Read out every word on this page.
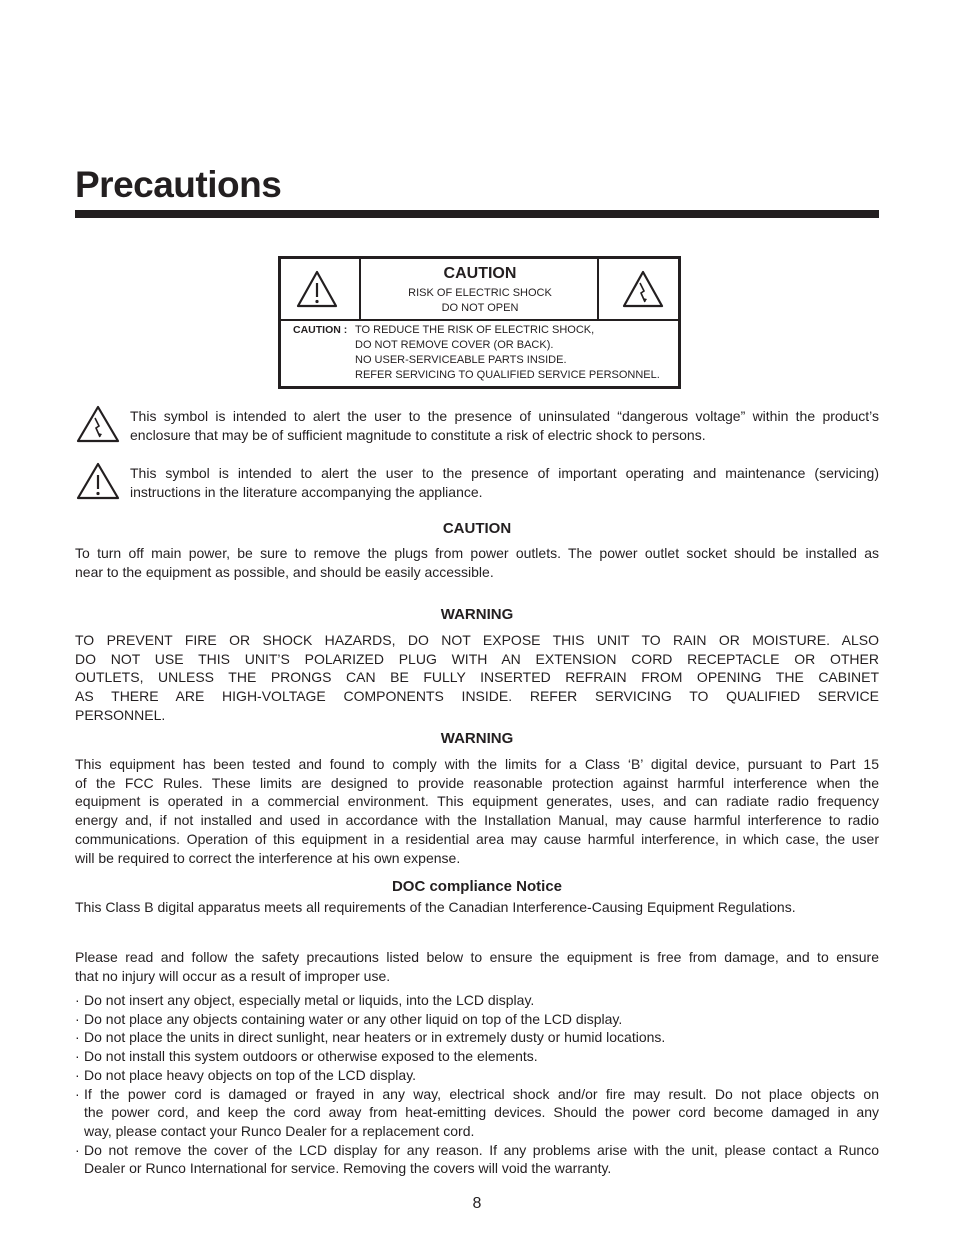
Precautions
CAUTION
RISK OF ELECTRIC SHOCK
DO NOT OPEN
CAUTION : TO REDUCE THE RISK OF ELECTRIC SHOCK,
DO NOT REMOVE COVER (OR BACK).
NO USER-SERVICEABLE PARTS INSIDE.
REFER SERVICING TO QUALIFIED SERVICE PERSONNEL.
This symbol is intended to alert the user to the presence of uninsulated “dangerous voltage” within the product’s
enclosure that may be of sufficient magnitude to constitute a risk of electric shock to persons.
This symbol is intended to alert the user to the presence of important operating and maintenance (servicing)
instructions in the literature accompanying the appliance.
CAUTION
To turn off main power, be sure to remove the plugs from power outlets. The power outlet socket should be installed as
near to the equipment as possible, and should be easily accessible.
WARNING
TO PREVENT FIRE OR SHOCK HAZARDS, DO NOT EXPOSE THIS UNIT TO RAIN OR MOISTURE. ALSO
DO NOT USE THIS UNIT’S POLARIZED PLUG WITH AN EXTENSION CORD RECEPTACLE OR OTHER
OUTLETS, UNLESS THE PRONGS CAN BE FULLY INSERTED REFRAIN FROM OPENING THE CABINET
AS THERE ARE HIGH-VOLTAGE COMPONENTS INSIDE. REFER SERVICING TO QUALIFIED SERVICE
PERSONNEL.
WARNING
This equipment has been tested and found to comply with the limits for a Class ‘B’ digital device, pursuant to Part 15
of the FCC Rules. These limits are designed to provide reasonable protection against harmful interference when the
equipment is operated in a commercial environment. This equipment generates, uses, and can radiate radio frequency
energy and, if not installed and used in accordance with the Installation Manual, may cause harmful interference to radio
communications. Operation of this equipment in a residential area may cause harmful interference, in which case, the user
will be required to correct the interference at his own expense.
DOC compliance Notice
This Class B digital apparatus meets all requirements of the Canadian Interference-Causing Equipment Regulations.
Please read and follow the safety precautions listed below to ensure the equipment is free from damage, and to ensure
that no injury will occur as a result of improper use.
· Do not insert any object, especially metal or liquids, into the LCD display.
· Do not place any objects containing water or any other liquid on top of the LCD display.
· Do not place the units in direct sunlight, near heaters or in extremely dusty or humid locations.
· Do not install this system outdoors or otherwise exposed to the elements.
· Do not place heavy objects on top of the LCD display.
· If the power cord is damaged or frayed in any way, electrical shock and/or fire may result. Do not place objects on
the power cord, and keep the cord away from heat-emitting devices. Should the power cord become damaged in any
way, please contact your Runco Dealer for a replacement cord.
· Do not remove the cover of the LCD display for any reason. If any problems arise with the unit, please contact a Runco
Dealer or Runco International for service. Removing the covers will void the warranty.
8
